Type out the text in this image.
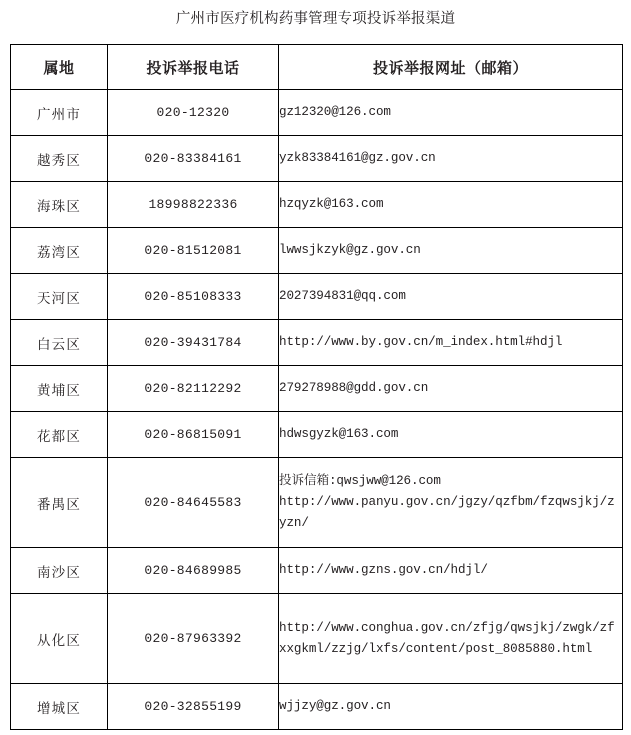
广州市医疗机构药事管理专项投诉举报渠道
属地	投诉举报电话	投诉举报网址（邮箱）
广州市	020-12320	gz12320@126.com

越秀区	020-83384161	yzk83384161@gz.gov.cn

海珠区	18998822336	hzqyzk@163.com

荔湾区	020-81512081	lwwsjkzyk@gz.gov.cn

天河区	020-85108333	2027394831@qq.com

白云区	020-39431784	http://www.by.gov.cn/m_index.html#hdjl

黄埔区	020-82112292	279278988@gdd.gov.cn

花都区	020-86815091	hdwsgyzk@163.com

番禺区	020-84645583	投诉信箱:qwsjww@126.com
http://www.panyu.gov.cn/jgzy/qzfbm/fzqwsjkj/zyzn/

南沙区	020-84689985	http://www.gzns.gov.cn/hdjl/

从化区	020-87963392	http://www.conghua.gov.cn/zfjg/qwsjkj/zwgk/zfxxgkml/zzjg/lxfs/content/post_8085880.html

增城区	020-32855199	wjjzy@gz.gov.cn
